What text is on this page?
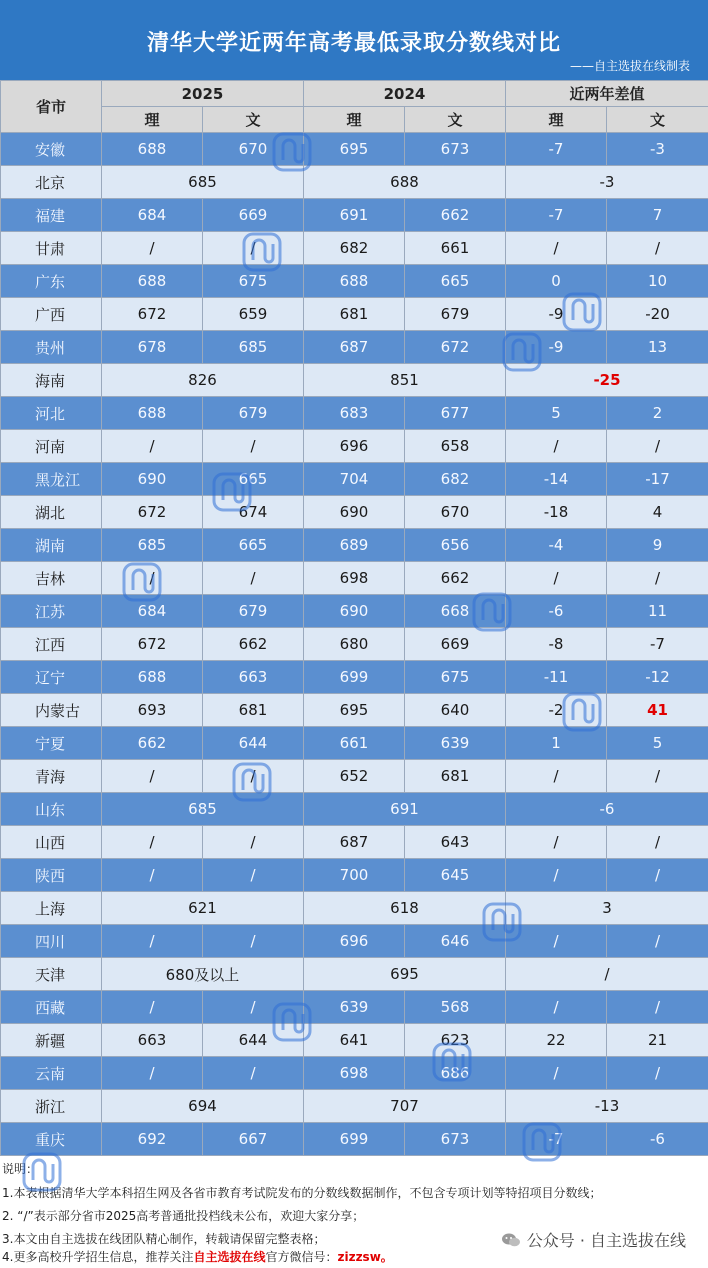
清华大学近两年高考最低录取分数线对比
——自主选拔在线制表
省市	2025		2024		近两年差值	
	理	文	理	文	理	文
安徽	688	670	695	673	-7	-3
北京	685		688		-3	
福建	684	669	691	662	-7	7
甘肃	/	/	682	661	/	/
广东	688	675	688	665	0	10
广西	672	659	681	679	-9	-20
贵州	678	685	687	672	-9	13
海南	826		851		-25	
河北	688	679	683	677	5	2
河南	/	/	696	658	/	/
黑龙江	690	665	704	682	-14	-17
湖北	672	674	690	670	-18	4
湖南	685	665	689	656	-4	9
吉林	/	/	698	662	/	/
江苏	684	679	690	668	-6	11
江西	672	662	680	669	-8	-7
辽宁	688	663	699	675	-11	-12
内蒙古	693	681	695	640	-2	41
宁夏	662	644	661	639	1	5
青海	/	/	652	681	/	/
山东	685		691		-6	
山西	/	/	687	643	/	/
陕西	/	/	700	645	/	/
上海	621		618		3	
四川	/	/	696	646	/	/
天津	680及以上		695		/	
西藏	/	/	639	568	/	/
新疆	663	644	641	623	22	21
云南	/	/	698	686	/	/
浙江	694		707		-13	
重庆	692	667	699	673	-7	-6
说明：
1.本表根据清华大学本科招生网及各省市教育考试院发布的分数线数据制作，不包含专项计划等特招项目分数线；
2. “/”表示部分省市2025高考普通批投档线未公布，欢迎大家分享；
3.本文由自主选拔在线团队精心制作，转载请保留完整表格；
4.更多高校升学招生信息，推荐关注自主选拔在线官方微信号：zizzsw。
公众号 · 自主选拔在线
